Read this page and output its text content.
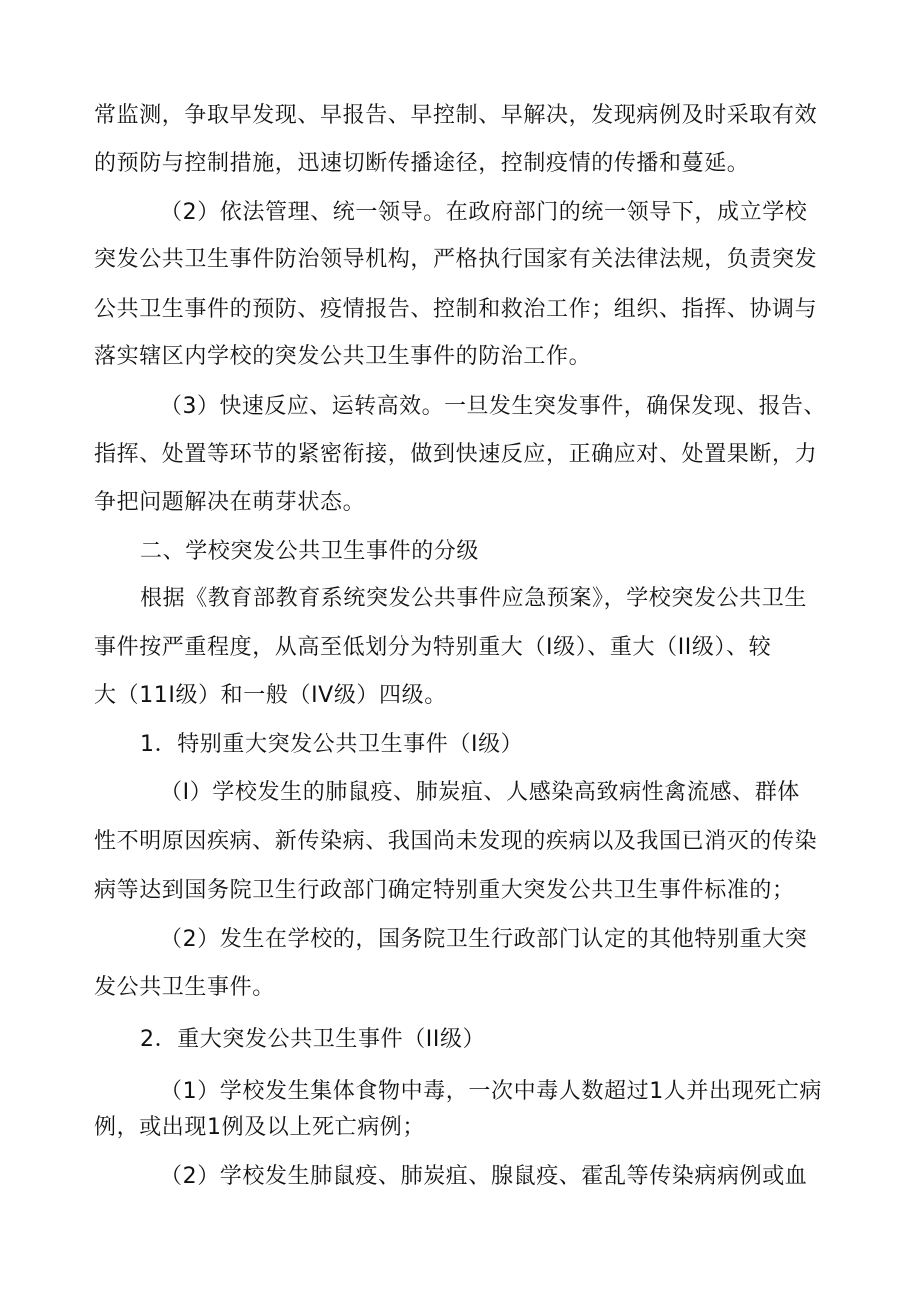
常监测，争取早发现、早报告、早控制、早解决，发现病例及时采取有效
的预防与控制措施，迅速切断传播途径，控制疫情的传播和蔓延。
（2）依法管理、统一领导。在政府部门的统一领导下，成立学校
突发公共卫生事件防治领导机构，严格执行国家有关法律法规，负责突发
公共卫生事件的预防、疫情报告、控制和救治工作；组织、指挥、协调与
落实辖区内学校的突发公共卫生事件的防治工作。
（3）快速反应、运转高效。一旦发生突发事件，确保发现、报告、
指挥、处置等环节的紧密衔接，做到快速反应，正确应对、处置果断，力
争把问题解决在萌芽状态。
二、学校突发公共卫生事件的分级
根据《教育部教育系统突发公共事件应急预案》，学校突发公共卫生
事件按严重程度，从高至低划分为特别重大（I级）、重大（II级）、较
大（11I级）和一般（IV级）四级。
1．特别重大突发公共卫生事件（I级）
（I）学校发生的肺鼠疫、肺炭疽、人感染高致病性禽流感、群体
性不明原因疾病、新传染病、我国尚未发现的疾病以及我国已消灭的传染
病等达到国务院卫生行政部门确定特别重大突发公共卫生事件标准的；
（2）发生在学校的，国务院卫生行政部门认定的其他特别重大突
发公共卫生事件。
2．重大突发公共卫生事件（II级）
（1）学校发生集体食物中毒，一次中毒人数超过1人并出现死亡病
例，或出现1例及以上死亡病例；
（2）学校发生肺鼠疫、肺炭疽、腺鼠疫、霍乱等传染病病例或血
